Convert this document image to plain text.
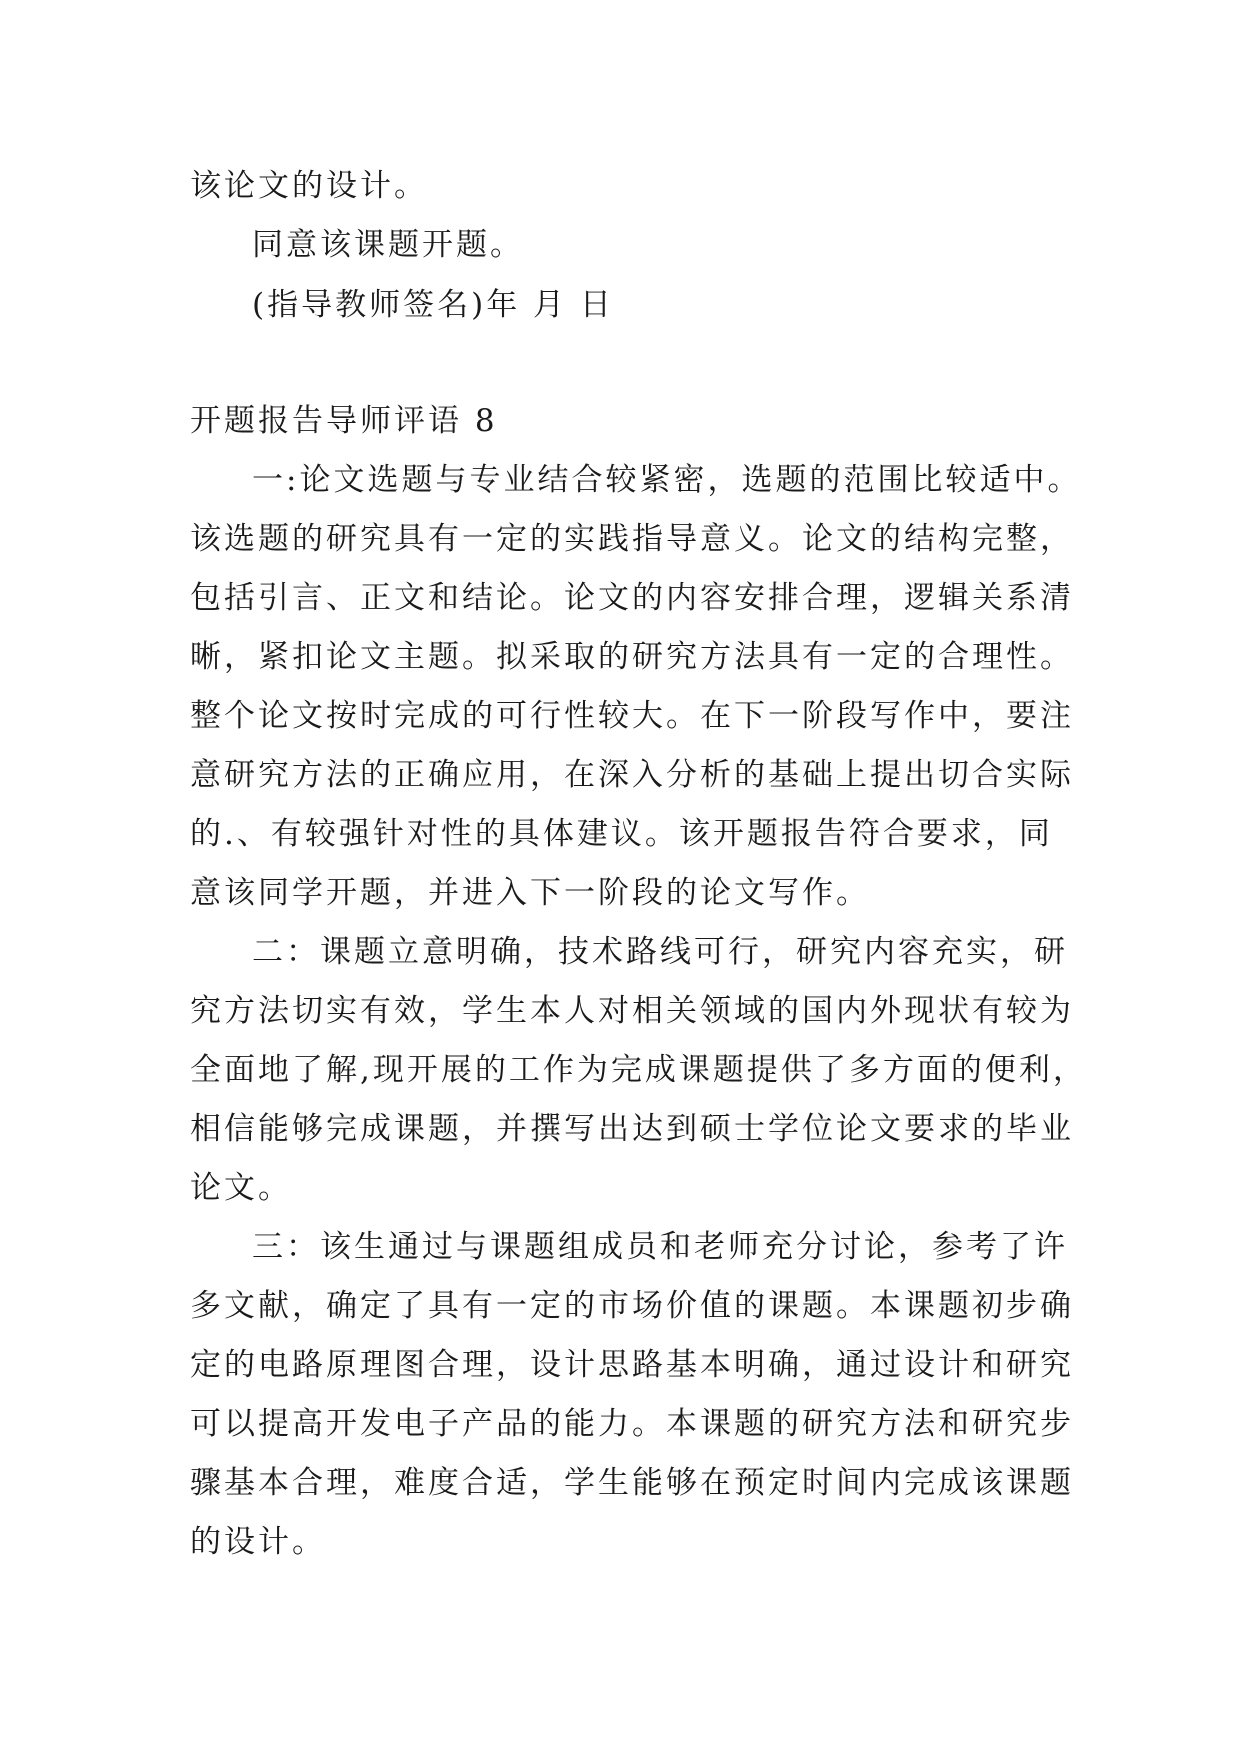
该论文的设计。
同意该课题开题。
(指导教师签名)年 月 日
开题报告导师评语 8
一:论文选题与专业结合较紧密，选题的范围比较适中。
该选题的研究具有一定的实践指导意义。论文的结构完整，
包括引言、正文和结论。论文的内容安排合理，逻辑关系清
晰，紧扣论文主题。拟采取的研究方法具有一定的合理性。
整个论文按时完成的可行性较大。在下一阶段写作中，要注
意研究方法的正确应用，在深入分析的基础上提出切合实际
的.、有较强针对性的具体建议。该开题报告符合要求，同
意该同学开题，并进入下一阶段的论文写作。
二：课题立意明确，技术路线可行，研究内容充实，研
究方法切实有效，学生本人对相关领域的国内外现状有较为
全面地了解,现开展的工作为完成课题提供了多方面的便利，
相信能够完成课题，并撰写出达到硕士学位论文要求的毕业
论文。
三：该生通过与课题组成员和老师充分讨论，参考了许
多文献，确定了具有一定的市场价值的课题。本课题初步确
定的电路原理图合理，设计思路基本明确，通过设计和研究
可以提高开发电子产品的能力。本课题的研究方法和研究步
骤基本合理，难度合适，学生能够在预定时间内完成该课题
的设计。
